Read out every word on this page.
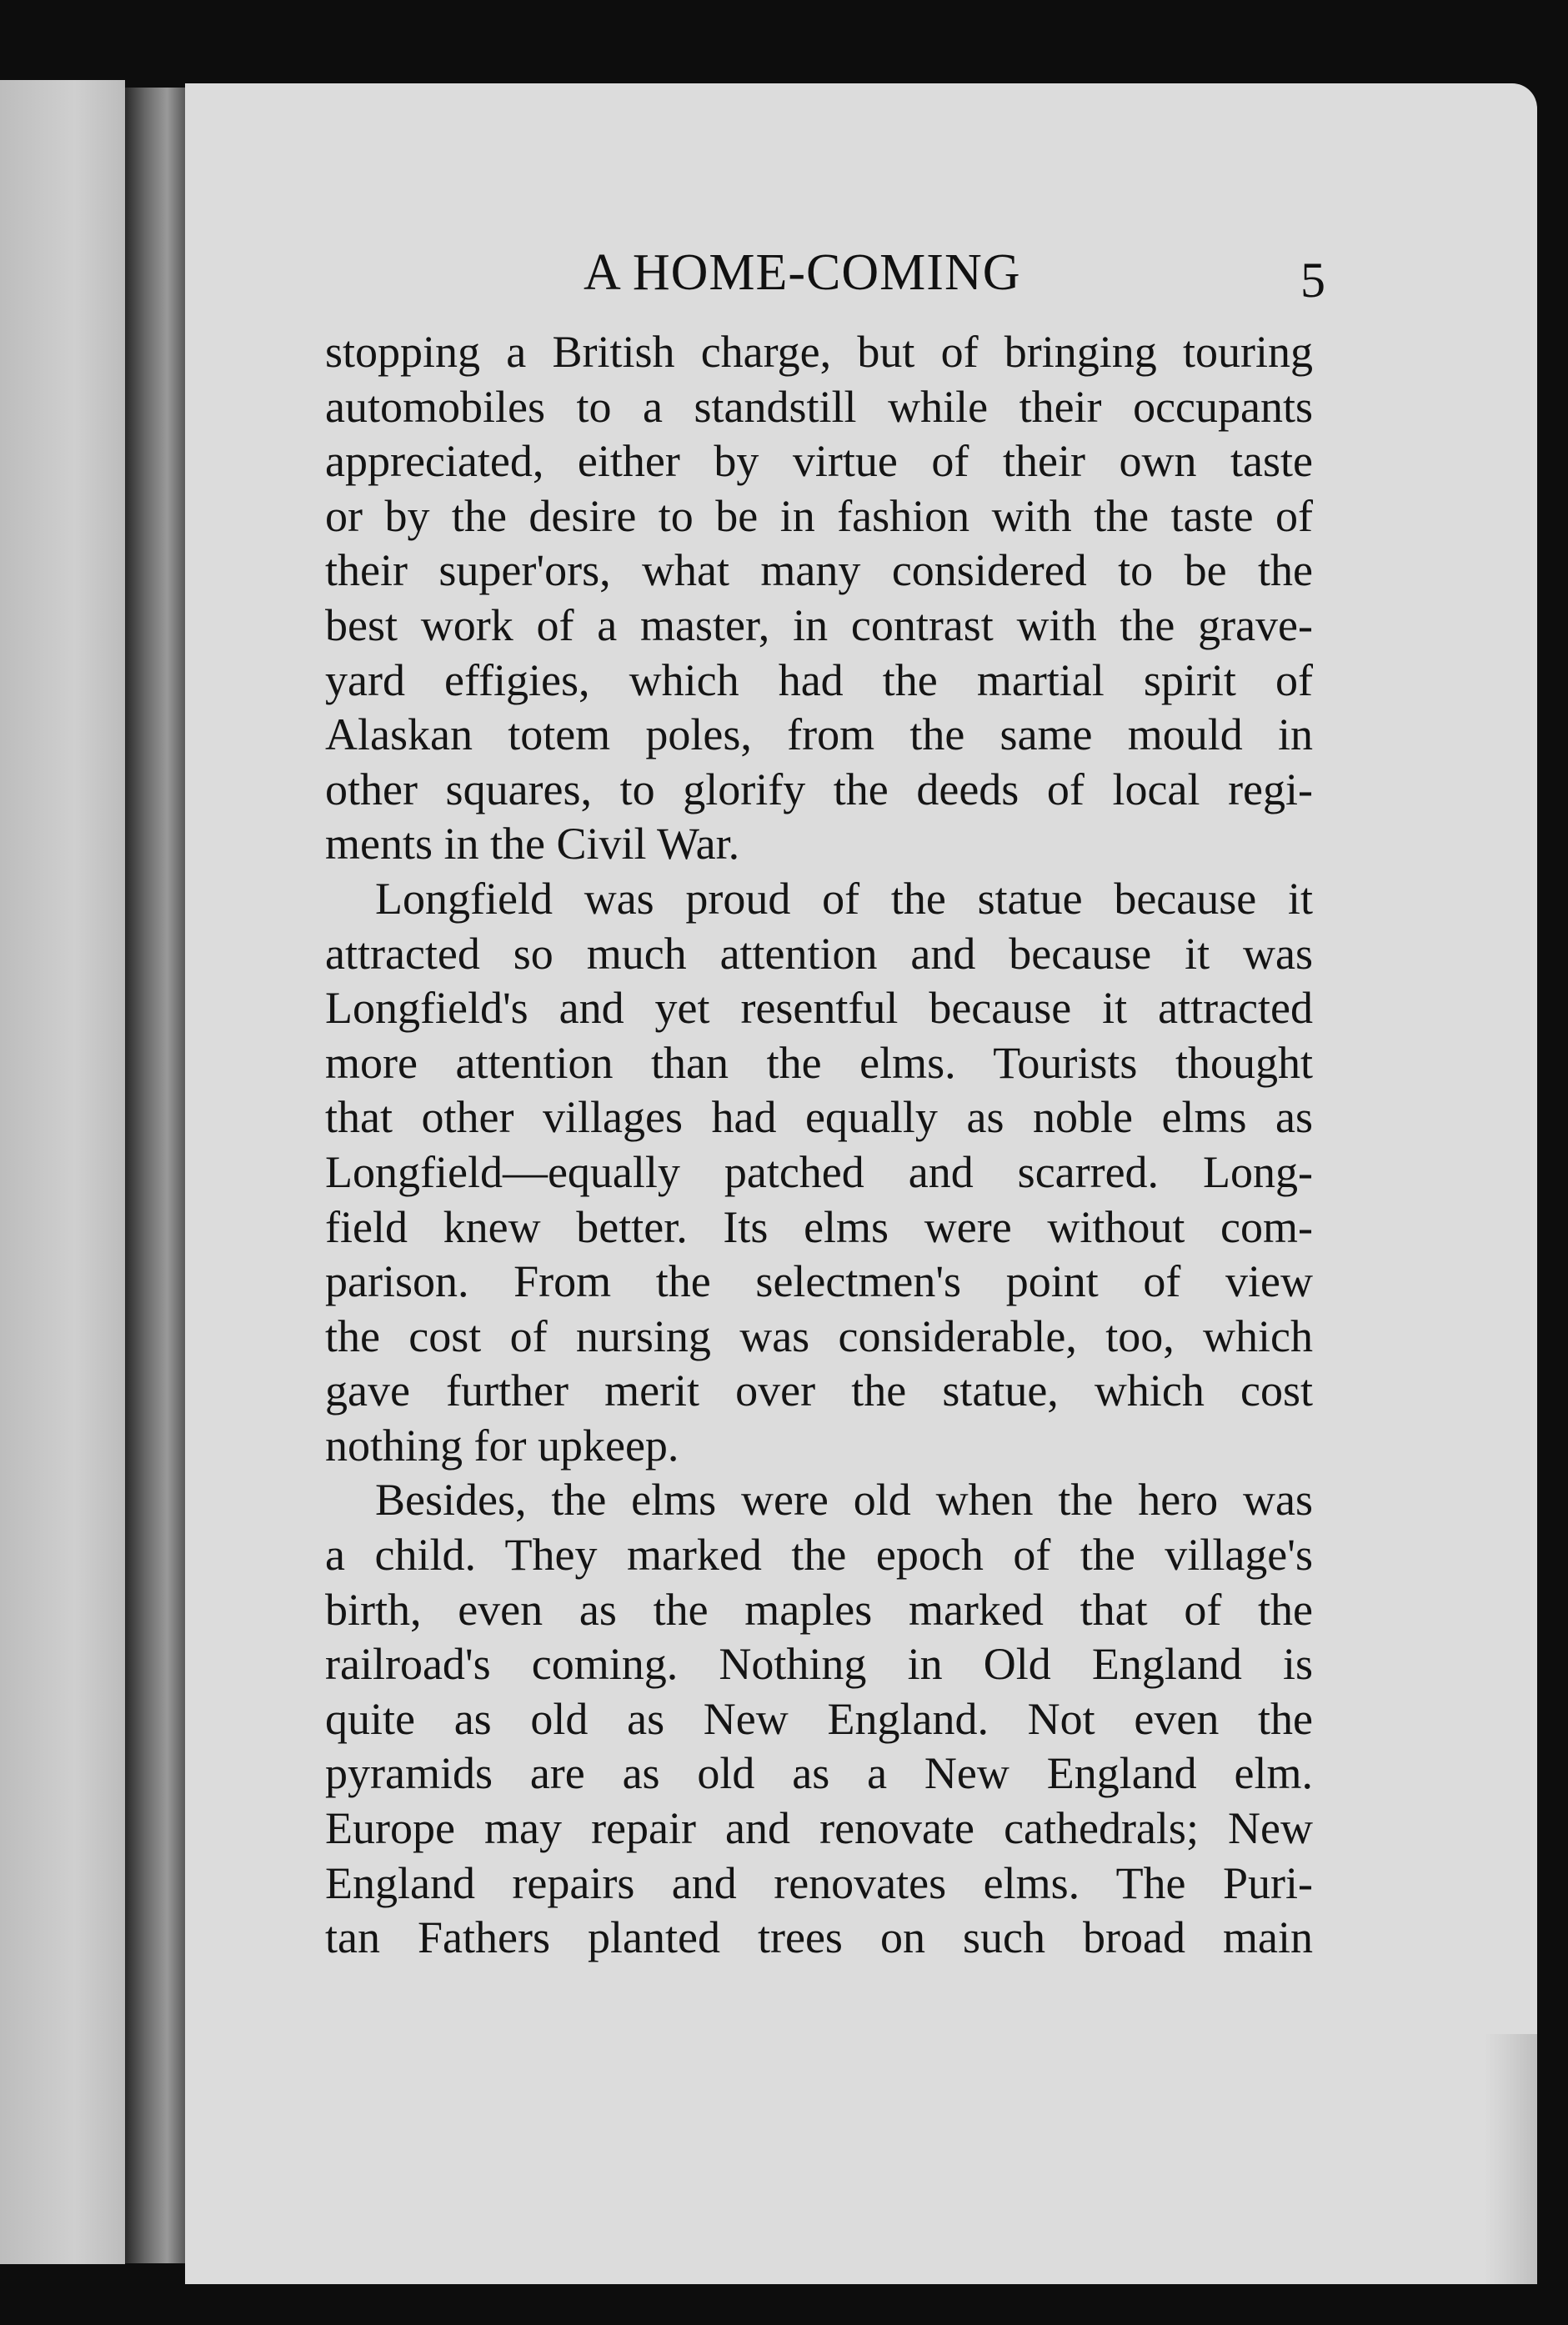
A HOME-COMING	5
stopping a British charge, but of bringing touring
automobiles to a standstill while their occupants
appreciated, either by virtue of their own taste
or by the desire to be in fashion with the taste of
their super'ors, what many considered to be the
best work of a master, in contrast with the grave-
yard effigies, which had the martial spirit of
Alaskan totem poles, from the same mould in
other squares, to glorify the deeds of local regi-
ments in the Civil War.
Longfield was proud of the statue because it
attracted so much attention and because it was
Longfield's and yet resentful because it attracted
more attention than the elms. Tourists thought
that other villages had equally as noble elms as
Longfield—equally patched and scarred. Long-
field knew better. Its elms were without com-
parison. From the selectmen's point of view
the cost of nursing was considerable, too, which
gave further merit over the statue, which cost
nothing for upkeep.
Besides, the elms were old when the hero was
a child. They marked the epoch of the village's
birth, even as the maples marked that of the
railroad's coming. Nothing in Old England is
quite as old as New England. Not even the
pyramids are as old as a New England elm.
Europe may repair and renovate cathedrals; New
England repairs and renovates elms. The Puri-
tan Fathers planted trees on such broad main
